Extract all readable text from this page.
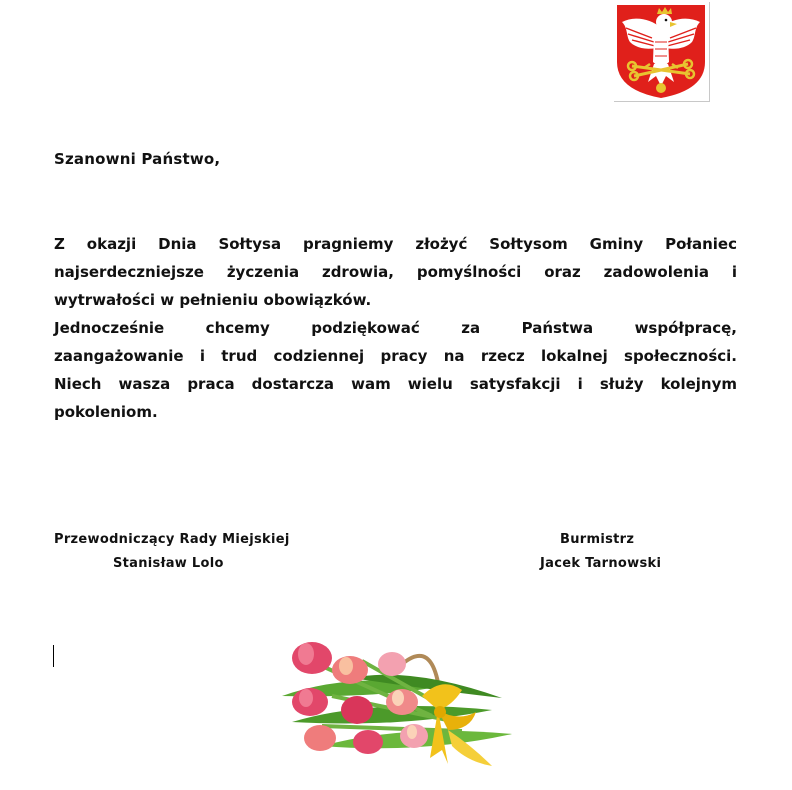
Szanowni Państwo,

Z okazji Dnia Sołtysa pragniemy złożyć Sołtysom Gminy Połaniec
najserdeczniejsze życzenia zdrowia, pomyślności oraz zadowolenia i
wytrwałości w pełnieniu obowiązków.

Jednocześnie chcemy podziękować za Państwa współpracę,
zaangażowanie i trud codziennej pracy na rzecz lokalnej społeczności.
Niech wasza praca dostarcza wam wielu satysfakcji i służy kolejnym
pokoleniom.

Przewodniczący Rady Miejskiej
Stanisław Lolo
Burmistrz
Jacek Tarnowski
